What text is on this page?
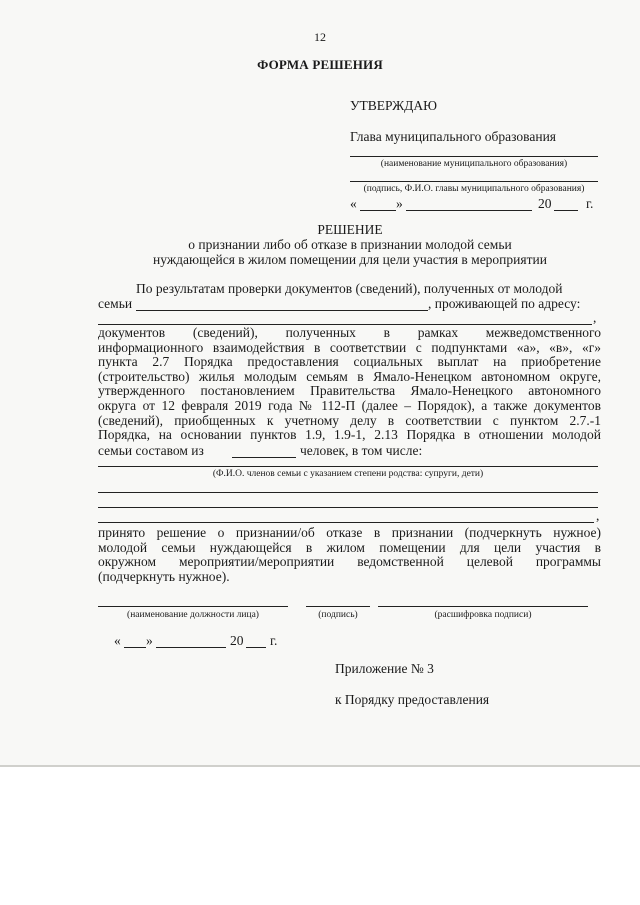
12
ФОРМА РЕШЕНИЯ
УТВЕРЖДАЮ
Глава муниципального образования
(наименование муниципального образования)
(подпись, Ф.И.О. главы муниципального образования)
«	»	20	г.
РЕШЕНИЕ
о признании либо об отказе в признании молодой семьи
нуждающейся в жилом помещении для цели участия в мероприятии
По результатам проверки документов (сведений), полученных от молодой
семьи	, проживающей по адресу:
,
документов (сведений), полученных в рамках межведомственного
информационного взаимодействия в соответствии с подпунктами «а», «в», «г»
пункта 2.7 Порядка предоставления социальных выплат на приобретение
(строительство) жилья молодым семьям в Ямало-Ненецком автономном округе,
утвержденного постановлением Правительства Ямало-Ненецкого автономного
округа от 12 февраля 2019 года № 112-П (далее – Порядок), а также документов
(сведений), приобщенных к учетному делу в соответствии с пунктом 2.7.-1
Порядка, на основании пунктов 1.9, 1.9-1, 2.13 Порядка в отношении молодой
семьи составом из	человек, в том числе:
(Ф.И.О. членов семьи с указанием степени родства: супруги, дети)
,
принято решение о признании/об отказе в признании (подчеркнуть нужное)
молодой семьи нуждающейся в жилом помещении для цели участия в
окружном мероприятии/мероприятии ведомственной целевой программы
(подчеркнуть нужное).
(наименование должности лица)	(подпись)	(расшифровка подписи)
« »	20 г.
Приложение № 3
к Порядку предоставления
